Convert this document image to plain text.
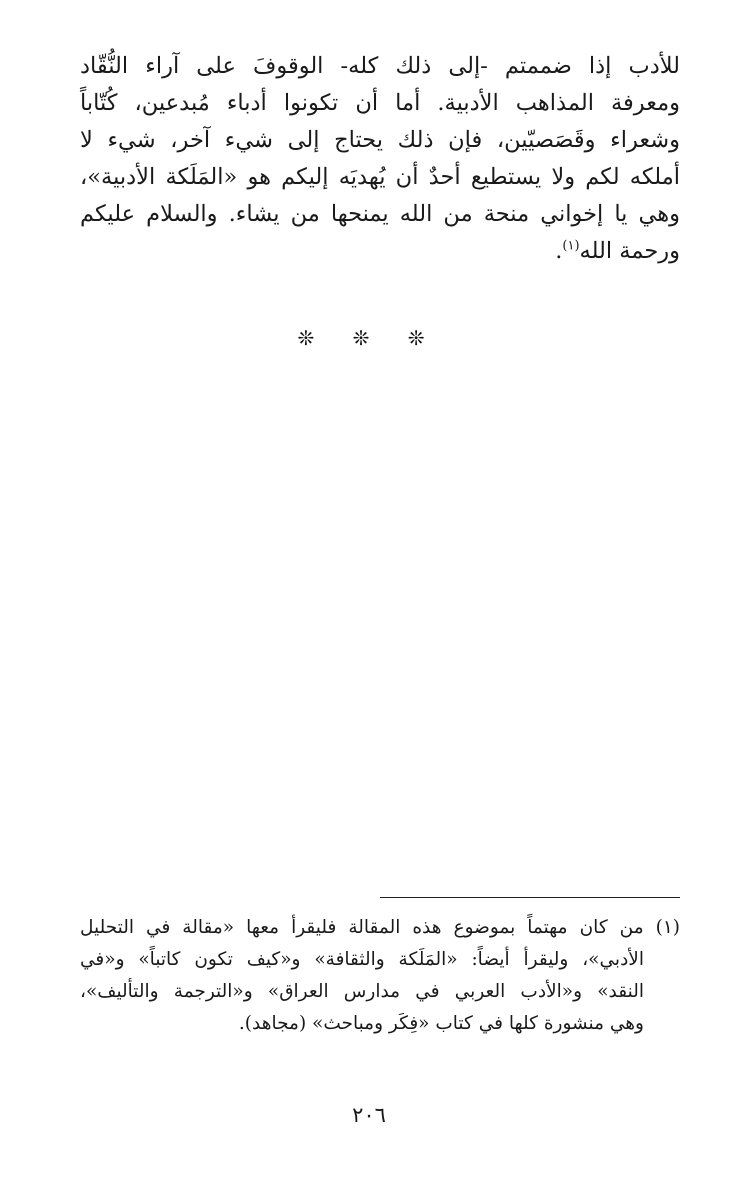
للأدب إذا ضممتم -إلى ذلك كله- الوقوفَ على آراء النُّقّاد
ومعرفة المذاهب الأدبية. أما أن تكونوا أدباء مُبدعين، كُتّاباً
وشعراء وقَصَصيّين، فإن ذلك يحتاج إلى شيء آخر، شيء لا
أملكه لكم ولا يستطيع أحدٌ أن يُهديَه إليكم هو «المَلَكة الأدبية»،
وهي يا إخواني منحة من الله يمنحها من يشاء. والسلام عليكم
ورحمة الله$^{(١)}$.
❊ ❊ ❊
(١) من كان مهتماً بموضوع هذه المقالة فليقرأ معها «مقالة في التحليل
الأدبي»، وليقرأ أيضاً: «المَلَكة والثقافة» و«كيف تكون كاتباً» و«في
النقد» و«الأدب العربي في مدارس العراق» و«الترجمة والتأليف»،
وهي منشورة كلها في كتاب «فِكَر ومباحث» (مجاهد).
٢٠٦
